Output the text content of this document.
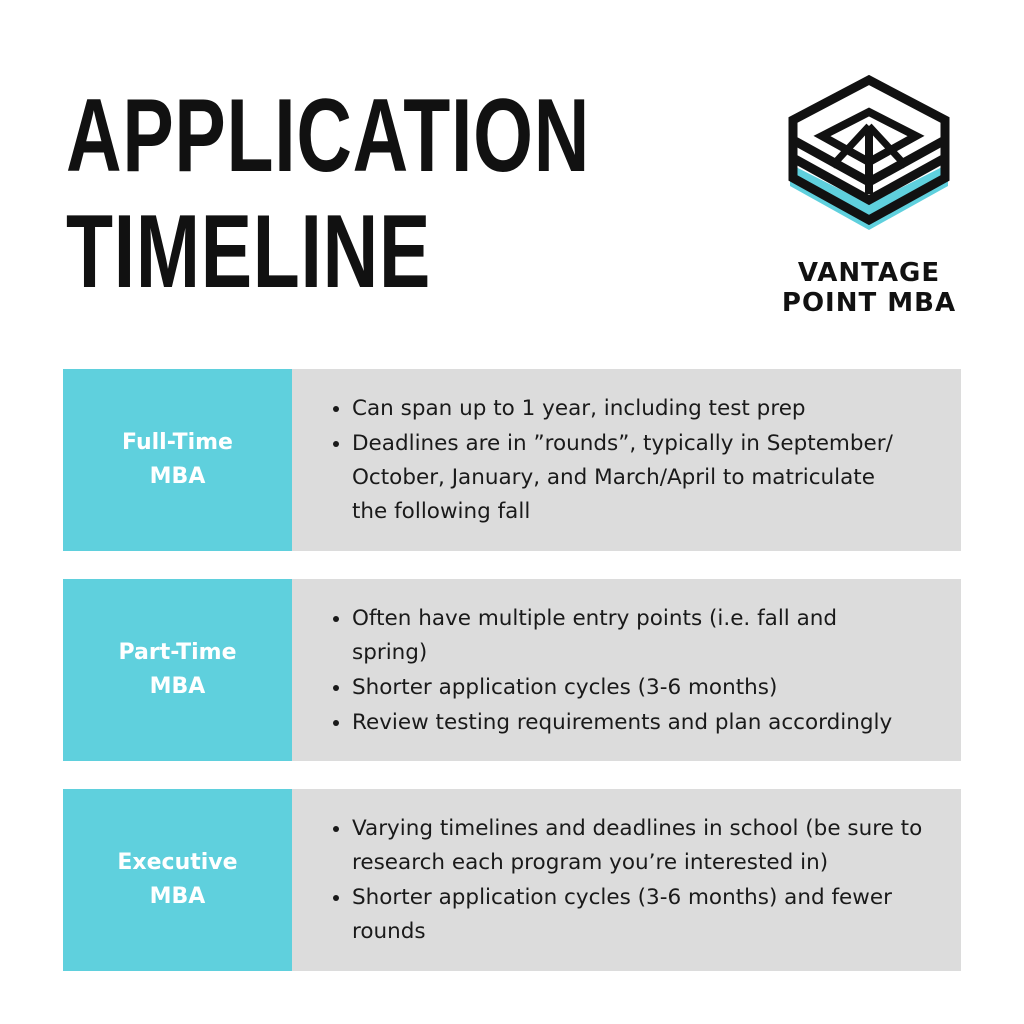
APPLICATION
TIMELINE	VANTAGE
POINT MBA
Full-Time
MBA
• Can span up to 1 year, including test prep
• Deadlines are in ”rounds”, typically in September/ October, January, and March/April to matriculate the following fall
Part-Time
MBA
• Often have multiple entry points (i.e. fall and spring)
• Shorter application cycles (3-6 months)
• Review testing requirements and plan accordingly
Executive
MBA
• Varying timelines and deadlines in school (be sure to research each program you’re interested in)
• Shorter application cycles (3-6 months) and fewer rounds
